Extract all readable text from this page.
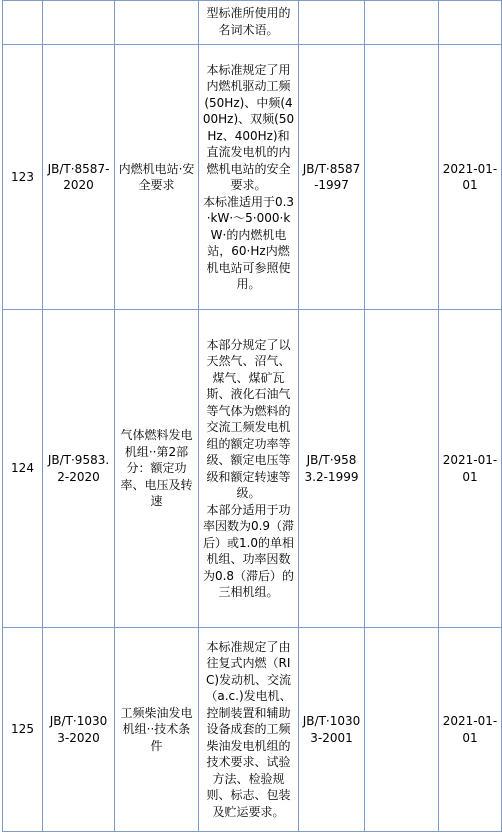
			型标准所使用的名词术语。			

123	JB/T·8587-2020	内燃机电站·安全要求	本标准规定了用内燃机驱动工频(50Hz)、中频(400Hz)、双频(50Hz、400Hz)和直流发电机的内燃机电站的安全要求。
本标准适用于0.3·kW·～5·000·kW·的内燃机电站，60·Hz内燃机电站可参照使用。	JB/T·8587-1997		2021-01-01
124	JB/T·9583.2-2020	气体燃料发电机组··第2部分：额定功率、电压及转速	本部分规定了以天然气、沼气、煤气、煤矿瓦斯、液化石油气等气体为燃料的交流工频发电机组的额定功率等级、额定电压等级和额定转速等级。
本部分适用于功率因数为0.9（滞后）或1.0的单相机组、功率因数为0.8（滞后）的三相机组。	JB/T·9583.2-1999		2021-01-01
125	JB/T·10303-2020	工频柴油发电机组··技术条件	本标准规定了由往复式内燃（RIC)发动机、交流（a.c.)发电机、控制装置和辅助设备成套的工频柴油发电机组的技术要求、试验方法、检验规则、标志、包装及贮运要求。	JB/T·10303-2001		2021-01-01
